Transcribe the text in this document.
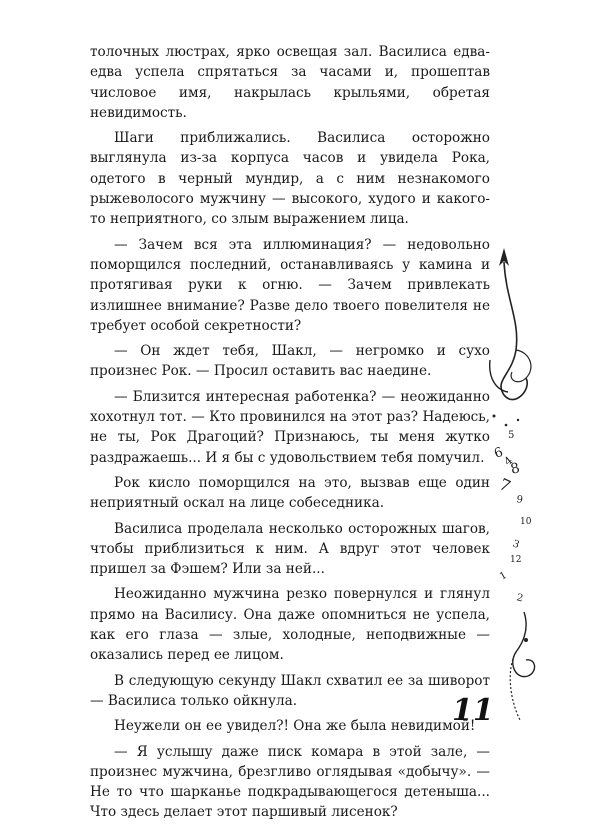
толочных люстрах, ярко освещая зал. Василиса едва-едва успела спрятаться за часами и, прошептав числовое имя, накрылась крыльями, обретая невидимость.

Шаги приближались. Василиса осторожно выглянула из-за корпуса часов и увидела Рока, одетого в черный мундир, а с ним незнакомого рыжеволосого мужчину — высокого, худого и какого-то неприятного, со злым выражением лица.

— Зачем вся эта иллюминация? — недовольно поморщился последний, останавливаясь у камина и протягивая руки к огню. — Зачем привлекать излишнее внимание? Разве дело твоего повелителя не требует особой секретности?

— Он ждет тебя, Шакл, — негромко и сухо произнес Рок. — Просил оставить вас наедине.

— Близится интересная работенка? — неожиданно хохотнул тот. — Кто провинился на этот раз? Надеюсь, не ты, Рок Драгоций? Признаюсь, ты меня жутко раздражаешь... И я бы с удовольствием тебя помучил.

Рок кисло поморщился на это, вызвав еще один неприятный оскал на лице собеседника.

Василиса проделала несколько осторожных шагов, чтобы приблизиться к ним. А вдруг этот человек пришел за Фэшем? Или за ней...

Неожиданно мужчина резко повернулся и глянул прямо на Василису. Она даже опомниться не успела, как его глаза — злые, холодные, неподвижные — оказались перед ее лицом.

В следующую секунду Шакл схватил ее за шиворот — Василиса только ойкнула.

Неужели он ее увидел?! Она же была невидимой!

— Я услышу даже писк комара в этой зале, — произнес мужчина, брезгливо оглядывая «добычу». — Не то что шарканье подкрадывающегося детеныша... Что здесь делает этот паршивый лисенок?

5
6
7
8
9
10
4
3
12
1
2
11
